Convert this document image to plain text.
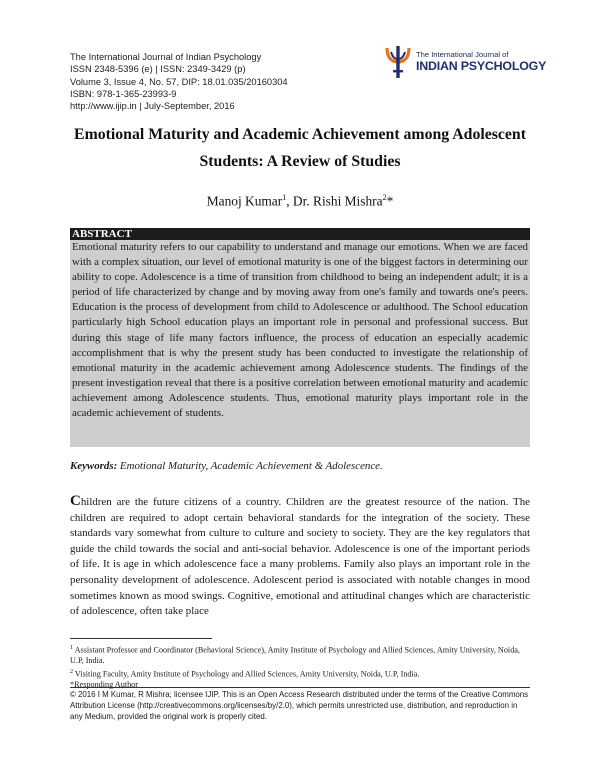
The International Journal of Indian Psychology
ISSN 2348-5396 (e) | ISSN: 2349-3429 (p)
Volume 3, Issue 4, No. 57, DIP: 18.01.035/20160304
ISBN: 978-1-365-23993-9
http://www.ijip.in | July-September, 2016
The International Journal of
INDIAN PSYCHOLOGY
Emotional Maturity and Academic Achievement among Adolescent
Students: A Review of Studies
Manoj Kumar$^1$, Dr. Rishi Mishra$^2$*
ABSTRACT
Emotional maturity refers to our capability to understand and manage our emotions. When we are faced with a complex situation, our level of emotional maturity is one of the biggest factors in determining our ability to cope. Adolescence is a time of transition from childhood to being an independent adult; it is a period of life characterized by change and by moving away from one's family and towards one's peers. Education is the process of development from child to Adolescence or adulthood. The School education particularly high School education plays an important role in personal and professional success. But during this stage of life many factors influence, the process of education an especially academic accomplishment that is why the present study has been conducted to investigate the relationship of emotional maturity in the academic achievement among Adolescence students. The findings of the present investigation reveal that there is a positive correlation between emotional maturity and academic achievement among Adolescence students. Thus, emotional maturity plays important role in the academic achievement of students.
Keywords: Emotional Maturity, Academic Achievement & Adolescence.
Children are the future citizens of a country. Children are the greatest resource of the nation. The children are required to adopt certain behavioral standards for the integration of the society. These standards vary somewhat from culture to culture and society to society. They are the key regulators that guide the child towards the social and anti-social behavior. Adolescence is one of the important periods of life. It is age in which adolescence face a many problems. Family also plays an important role in the personality development of adolescence. Adolescent period is associated with notable changes in mood sometimes known as mood swings. Cognitive, emotional and attitudinal changes which are characteristic of adolescence, often take place
$^1$ Assistant Professor and Coordinator (Behavioral Science), Amity Institute of Psychology and Allied Sciences, Amity University, Noida, U.P, India.
$^2$ Visiting Faculty, Amity Institute of Psychology and Allied Sciences, Amity University, Noida, U.P, India.
*Responding Author
© 2016 I M Kumar, R Mishra; licensee IJIP. This is an Open Access Research distributed under the terms of the Creative Commons Attribution License (http://creativecommons.org/licenses/by/2.0), which permits unrestricted use, distribution, and reproduction in any Medium, provided the original work is properly cited.
